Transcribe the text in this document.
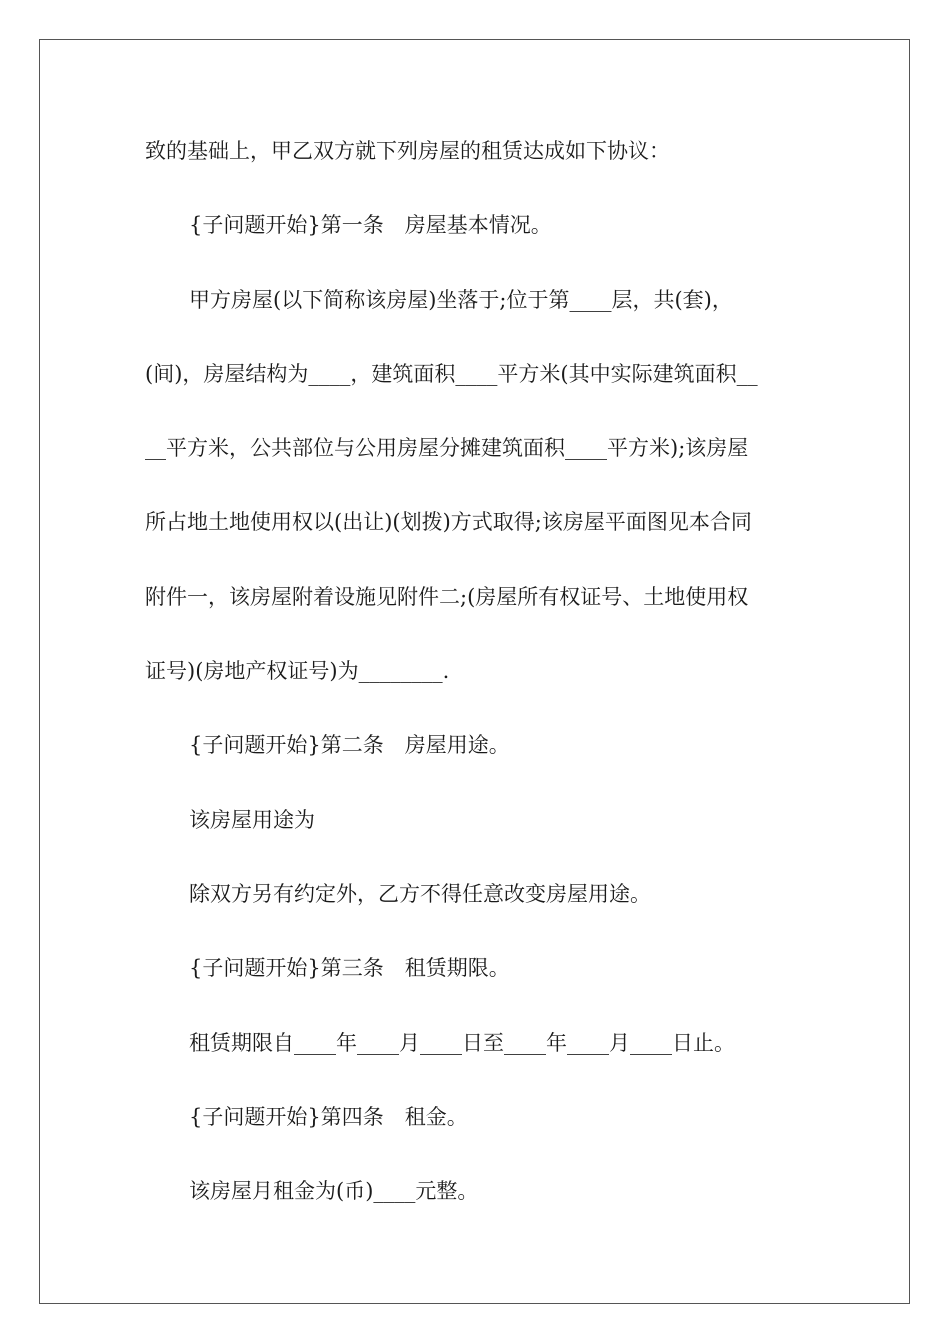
致的基础上，甲乙双方就下列房屋的租赁达成如下协议：
{子问题开始}第一条　房屋基本情况。
甲方房屋(以下简称该房屋)坐落于;位于第____层，共(套)，
(间)，房屋结构为____，建筑面积____平方米(其中实际建筑面积__
__平方米，公共部位与公用房屋分摊建筑面积____平方米);该房屋
所占地土地使用权以(出让)(划拨)方式取得;该房屋平面图见本合同
附件一，该房屋附着设施见附件二;(房屋所有权证号、土地使用权
证号)(房地产权证号)为________.
{子问题开始}第二条　房屋用途。
该房屋用途为
除双方另有约定外，乙方不得任意改变房屋用途。
{子问题开始}第三条　租赁期限。
租赁期限自____年____月____日至____年____月____日止。
{子问题开始}第四条　租金。
该房屋月租金为(币)____元整。
